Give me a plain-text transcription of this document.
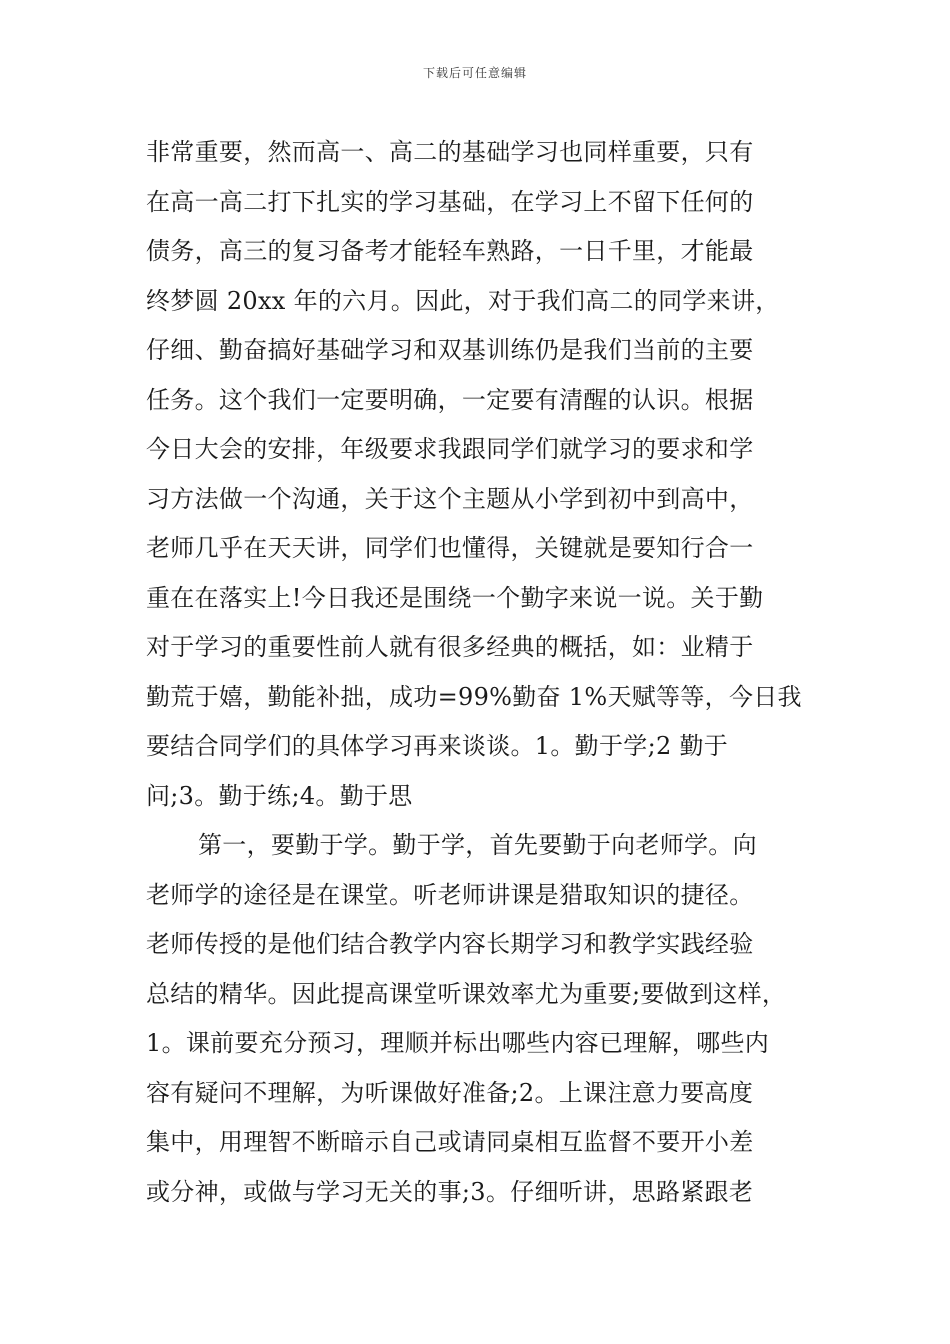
下载后可任意编辑
非常重要，然而高一、高二的基础学习也同样重要，只有
在高一高二打下扎实的学习基础，在学习上不留下任何的
债务，高三的复习备考才能轻车熟路，一日千里，才能最
终梦圆 20xx 年的六月。因此，对于我们高二的同学来讲，
仔细、勤奋搞好基础学习和双基训练仍是我们当前的主要
任务。这个我们一定要明确，一定要有清醒的认识。根据
今日大会的安排，年级要求我跟同学们就学习的要求和学
习方法做一个沟通，关于这个主题从小学到初中到高中，
老师几乎在天天讲，同学们也懂得，关键就是要知行合一
重在在落实上!今日我还是围绕一个勤字来说一说。关于勤
对于学习的重要性前人就有很多经典的概括，如：业精于
勤荒于嬉，勤能补拙，成功=99%勤奋 1%天赋等等，今日我
要结合同学们的具体学习再来谈谈。1。勤于学;2 勤于
问;3。勤于练;4。勤于思
第一，要勤于学。勤于学，首先要勤于向老师学。向
老师学的途径是在课堂。听老师讲课是猎取知识的捷径。
老师传授的是他们结合教学内容长期学习和教学实践经验
总结的精华。因此提高课堂听课效率尤为重要;要做到这样，
1。课前要充分预习，理顺并标出哪些内容已理解，哪些内
容有疑问不理解，为听课做好准备;2。上课注意力要高度
集中，用理智不断暗示自己或请同桌相互监督不要开小差
或分神，或做与学习无关的事;3。仔细听讲，思路紧跟老
